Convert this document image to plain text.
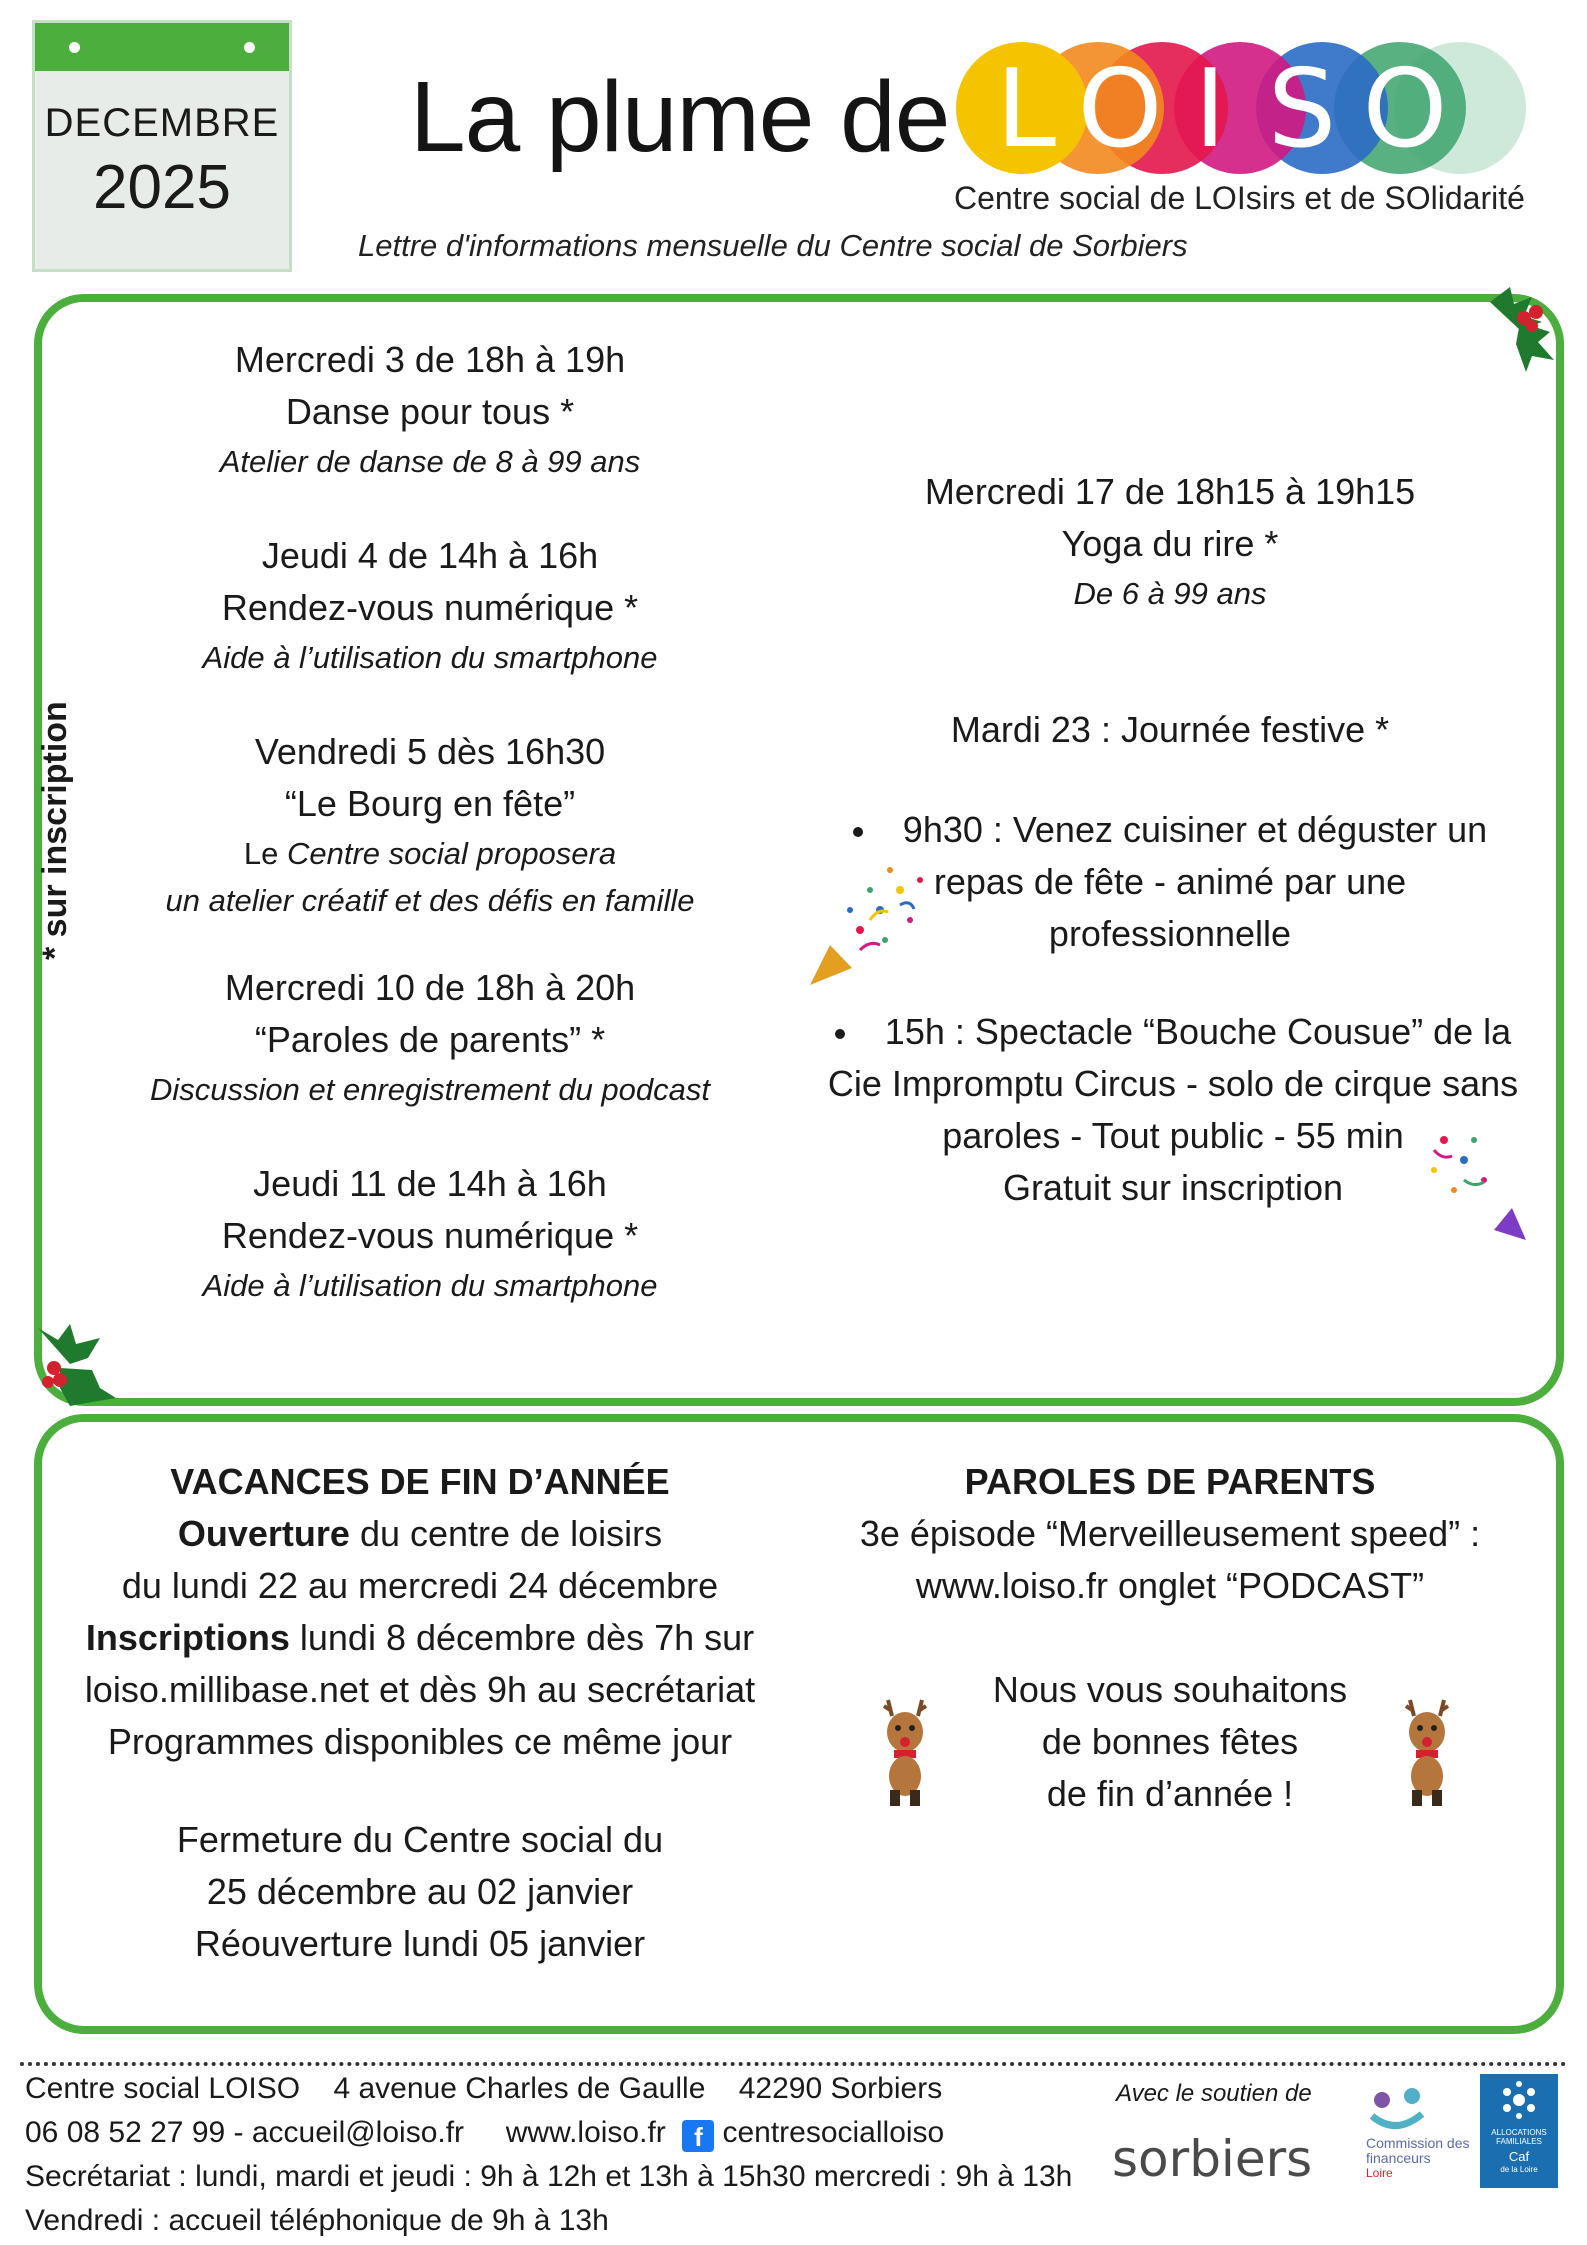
DECEMBRE
2025
La plume de L O I S O
Centre social de LOIsirs et de SOlidarité
Lettre d'informations mensuelle du Centre social de Sorbiers
* sur inscription
Mercredi 3 de 18h à 19h
Danse pour tous *
Atelier de danse de 8 à 99 ans
Jeudi 4 de 14h à 16h
Rendez-vous numérique *
Aide à l’utilisation du smartphone
Vendredi 5 dès 16h30
“Le Bourg en fête”
Le Centre social proposera
un atelier créatif et des défis en famille
Mercredi 10 de 18h à 20h
“Paroles de parents” *
Discussion et enregistrement du podcast
Jeudi 11 de 14h à 16h
Rendez-vous numérique *
Aide à l’utilisation du smartphone
Mercredi 17 de 18h15 à 19h15
Yoga du rire *
De 6 à 99 ans
Mardi 23 : Journée festive *
9h30 : Venez cuisiner et déguster un
repas de fête - animé par une
professionnelle
15h : Spectacle “Bouche Cousue” de la
Cie Impromptu Circus - solo de cirque sans
paroles - Tout public - 55 min
Gratuit sur inscription
VACANCES DE FIN D’ANNÉE
Ouverture du centre de loisirs
du lundi 22 au mercredi 24 décembre
Inscriptions lundi 8 décembre dès 7h sur
loiso.millibase.net et dès 9h au secrétariat
Programmes disponibles ce même jour
Fermeture du Centre social du
25 décembre au 02 janvier
Réouverture lundi 05 janvier
PAROLES DE PARENTS
3e épisode “Merveilleusement speed” :
www.loiso.fr onglet “PODCAST”
Nous vous souhaitons
de bonnes fêtes
de fin d’année !
Centre social LOISO 4 avenue Charles de Gaulle 42290 Sorbiers
06 08 52 27 99 - accueil@loiso.fr www.loiso.fr f centresocialloiso
Secrétariat : lundi, mardi et jeudi : 9h à 12h et 13h à 15h30 mercredi : 9h à 13h
Vendredi : accueil téléphonique de 9h à 13h
Avec le soutien de
sorbiers	Commission des financeurs
Loire
ALLOCATIONS FAMILIALES
Caf
de la Loire
